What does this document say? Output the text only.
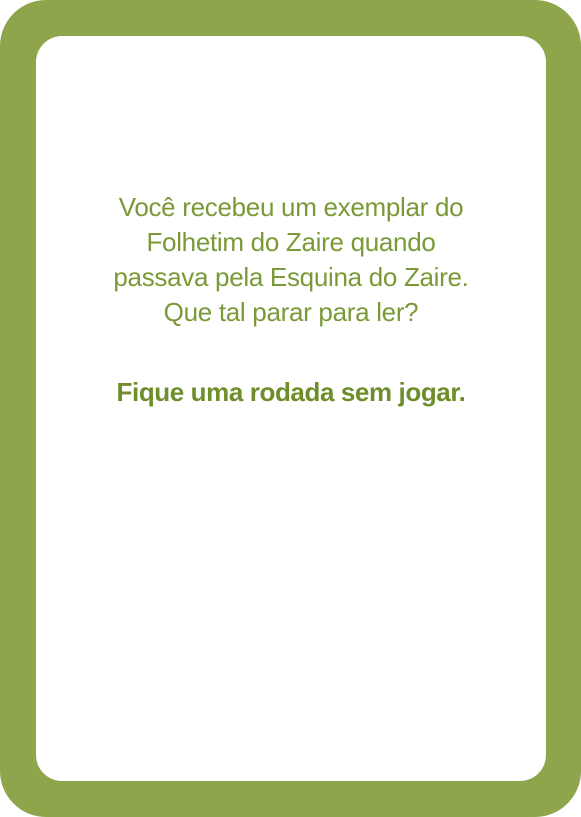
Você recebeu um exemplar do
Folhetim do Zaire quando
passava pela Esquina do Zaire.
Que tal parar para ler?

Fique uma rodada sem jogar.
